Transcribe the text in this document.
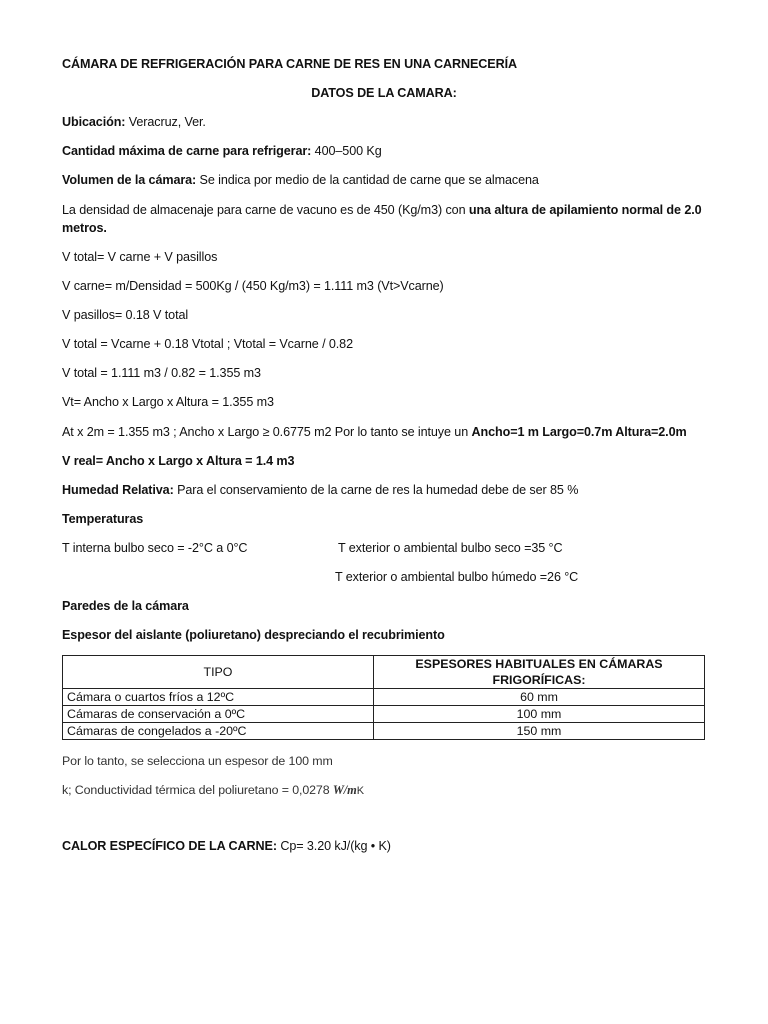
CÁMARA DE REFRIGERACIÓN PARA CARNE DE RES EN UNA CARNECERÍA
DATOS DE LA CAMARA:
Ubicación: Veracruz, Ver.
Cantidad máxima de carne para refrigerar: 400–500 Kg
Volumen de la cámara: Se indica por medio de la cantidad de carne que se almacena
La densidad de almacenaje para carne de vacuno es de 450 (Kg/m3) con una altura de apilamiento normal de 2.0 metros.
V total= V carne + V pasillos
V carne= m/Densidad = 500Kg / (450 Kg/m3) = 1.111 m3 (Vt>Vcarne)
V pasillos= 0.18 V total
V total = Vcarne + 0.18 Vtotal ; Vtotal = Vcarne / 0.82
V total = 1.111 m3 / 0.82 = 1.355 m3
Vt= Ancho x Largo x Altura = 1.355 m3
At x 2m = 1.355 m3 ; Ancho x Largo ≥ 0.6775 m2 Por lo tanto se intuye un Ancho=1 m Largo=0.7m Altura=2.0m
V real= Ancho x Largo x Altura = 1.4 m3
Humedad Relativa: Para el conservamiento de la carne de res la humedad debe de ser 85 %
Temperaturas
T interna bulbo seco = -2°C a 0°C	T exterior o ambiental bulbo seco =35 °C
T exterior o ambiental bulbo húmedo =26 °C
Paredes de la cámara
Espesor del aislante (poliuretano) despreciando el recubrimiento
TIPO	ESPESORES HABITUALES EN CÁMARAS FRIGORÍFICAS:
Cámara o cuartos fríos a 12ºC	60 mm
Cámaras de conservación a 0ºC	100 mm
Cámaras de congelados a -20ºC	150 mm
Por lo tanto, se selecciona un espesor de 100 mm
k; Conductividad térmica del poliuretano = 0,0278 W/mK
CALOR ESPECÍFICO DE LA CARNE: Cp= 3.20 kJ/(kg • K)
